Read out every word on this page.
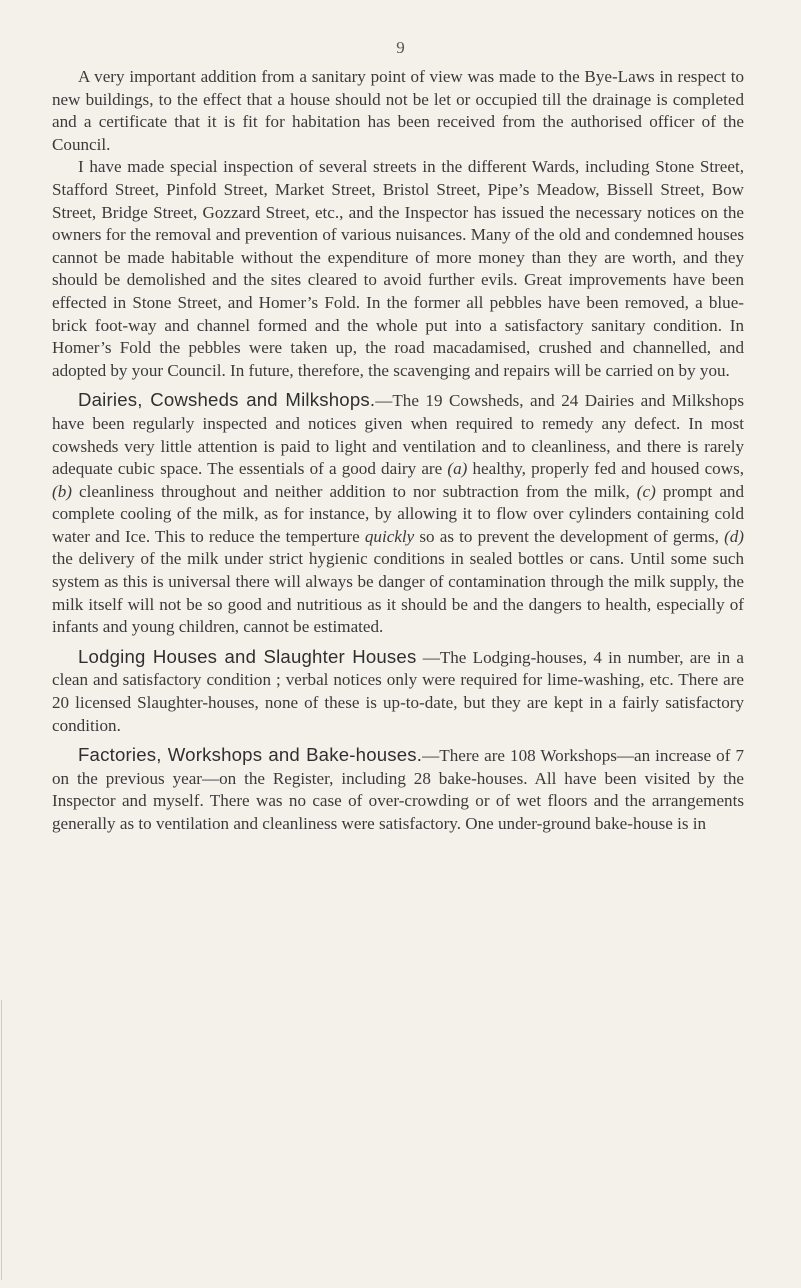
9

A very important addition from a sanitary point of view was made to the Bye-Laws in respect to new buildings, to the effect that a house should not be let or occupied till the drainage is completed and a certificate that it is fit for habitation has been received from the authorised officer of the Council.

I have made special inspection of several streets in the different Wards, including Stone Street, Stafford Street, Pinfold Street, Market Street, Bristol Street, Pipe’s Meadow, Bissell Street, Bow Street, Bridge Street, Gozzard Street, etc., and the Inspector has issued the necessary notices on the owners for the removal and prevention of various nuisances. Many of the old and condemned houses cannot be made habitable without the expenditure of more money than they are worth, and they should be demolished and the sites cleared to avoid further evils. Great improvements have been effected in Stone Street, and Homer’s Fold. In the former all pebbles have been removed, a blue-brick foot-way and channel formed and the whole put into a satisfactory sanitary condition. In Homer’s Fold the pebbles were taken up, the road macadamised, crushed and channelled, and adopted by your Council. In future, therefore, the scavenging and repairs will be carried on by you.

Dairies, Cowsheds and Milkshops.—The 19 Cowsheds, and 24 Dairies and Milkshops have been regularly inspected and notices given when required to remedy any defect. In most cowsheds very little attention is paid to light and ventilation and to cleanliness, and there is rarely adequate cubic space. The essentials of a good dairy are (a) healthy, properly fed and housed cows, (b) cleanliness throughout and neither addition to nor subtraction from the milk, (c) prompt and complete cooling of the milk, as for instance, by allowing it to flow over cylinders containing cold water and Ice. This to reduce the temperture quickly so as to prevent the development of germs, (d) the delivery of the milk under strict hygienic conditions in sealed bottles or cans. Until some such system as this is universal there will always be danger of contamination through the milk supply, the milk itself will not be so good and nutritious as it should be and the dangers to health, especially of infants and young children, cannot be estimated.

Lodging Houses and Slaughter Houses —The Lodging-houses, 4 in number, are in a clean and satisfactory condition ; verbal notices only were required for lime-washing, etc. There are 20 licensed Slaughter-houses, none of these is up-to-date, but they are kept in a fairly satisfactory condition.

Factories, Workshops and Bake-houses.—There are 108 Workshops—an increase of 7 on the previous year—on the Register, including 28 bake-houses. All have been visited by the Inspector and myself. There was no case of over-crowding or of wet floors and the arrangements generally as to ventilation and cleanliness were satisfactory. One under-ground bake-house is in
